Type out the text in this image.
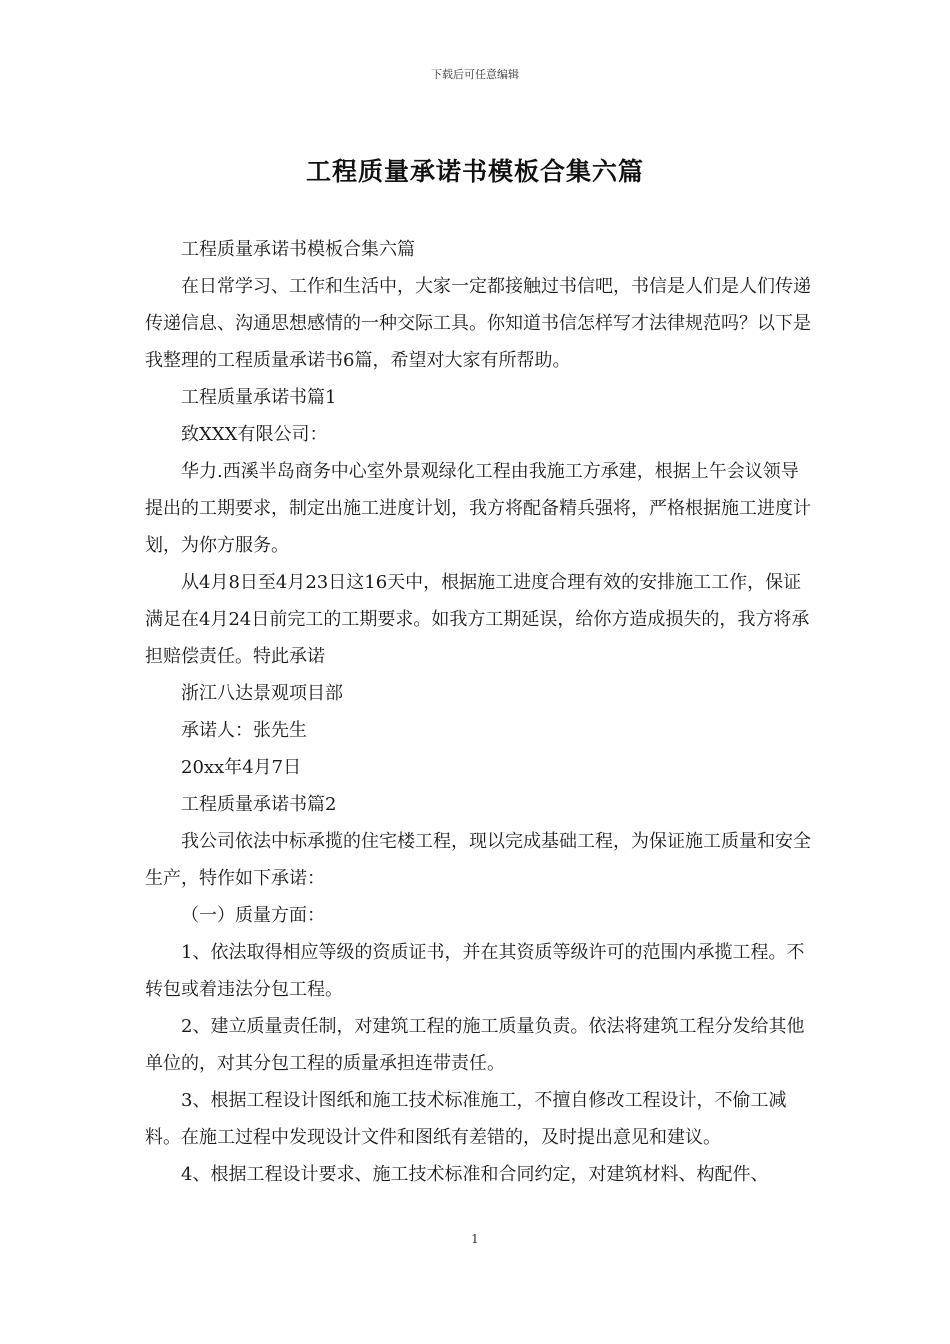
下载后可任意编辑
工程质量承诺书模板合集六篇

工程质量承诺书模板合集六篇

在日常学习、工作和生活中，大家一定都接触过书信吧，书信是人们是人们传递传递信息、沟通思想感情的一种交际工具。你知道书信怎样写才法律规范吗？以下是我整理的工程质量承诺书6篇，希望对大家有所帮助。

工程质量承诺书篇1

致XXX有限公司：

华力.西溪半岛商务中心室外景观绿化工程由我施工方承建，根据上午会议领导提出的工期要求，制定出施工进度计划，我方将配备精兵强将，严格根据施工进度计划，为你方服务。

从4月8日至4月23日这16天中，根据施工进度合理有效的安排施工工作，保证满足在4月24日前完工的工期要求。如我方工期延误，给你方造成损失的，我方将承担赔偿责任。特此承诺

浙江八达景观项目部

承诺人：张先生

20xx年4月7日

工程质量承诺书篇2

我公司依法中标承揽的住宅楼工程，现以完成基础工程，为保证施工质量和安全生产，特作如下承诺：

（一）质量方面：

1、依法取得相应等级的资质证书，并在其资质等级许可的范围内承揽工程。不转包或着违法分包工程。

2、建立质量责任制，对建筑工程的施工质量负责。依法将建筑工程分发给其他单位的，对其分包工程的质量承担连带责任。

3、根据工程设计图纸和施工技术标准施工，不擅自修改工程设计，不偷工减料。在施工过程中发现设计文件和图纸有差错的，及时提出意见和建议。

4、根据工程设计要求、施工技术标准和合同约定，对建筑材料、构配件、

1
